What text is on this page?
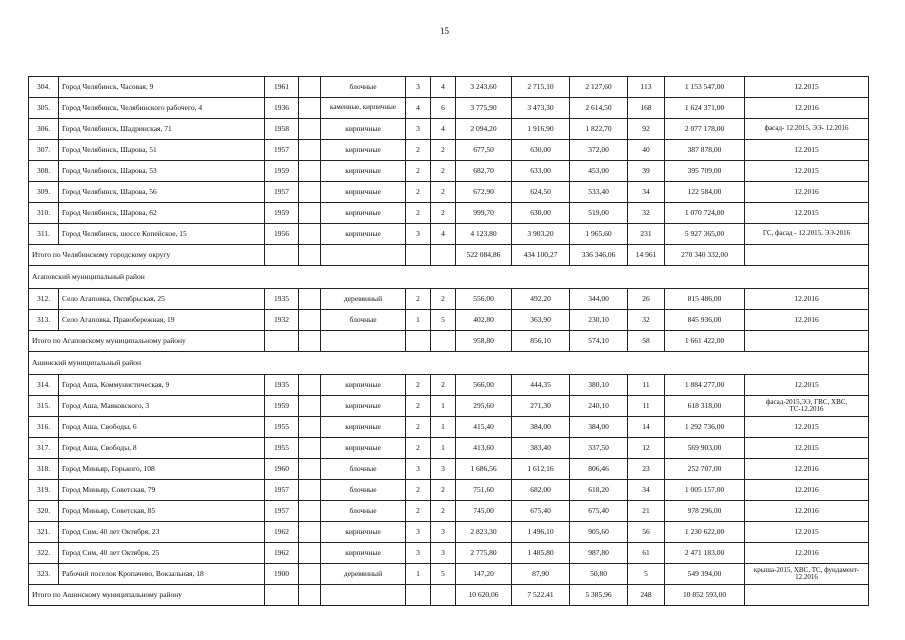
15
304.	Город Челябинск, Часовая, 9	1961		блочные	3	4	3 243,60	2 715,10	2 127,60	113	1 153 547,00	12.2015
305.	Город Челябинск, Челябинского рабочего, 4	1936		каменные, кирпичные	4	6	3 775,90	3 473,30	2 614,50	168	1 624 371,00	12.2016
306.	Город Челябинск, Шадринская, 71	1958		кирпичные	3	4	2 094,20	1 916,90	1 822,70	92	2 077 178,00	фасад- 12.2015, ЭЭ- 12.2016
307.	Город Челябинск, Шарова, 51	1957		кирпичные	2	2	677,50	630,00	372,00	40	387 878,00	12.2015
308.	Город Челябинск, Шарова, 53	1959		кирпичные	2	2	682,70	633,00	453,00	39	395 709,00	12.2015
309.	Город Челябинск, Шарова, 56	1957		кирпичные	2	2	672,90	624,50	533,40	34	122 584,00	12.2016
310.	Город Челябинск, Шарова, 62	1959		кирпичные	2	2	999,70	630,00	519,00	32	1 070 724,00	12.2015
311.	Город Челябинск, шоссе Копейское, 15	1956		кирпичные	3	4	4 123,80	3 903,20	1 965,60	231	5 927 365,00	ГС, фасад - 12.2015, ЭЭ-2016
Итого по Челябинскому городскому округу							522 084,86	434 100,27	336 346,06	14 961	270 340 332,00	
Агаповский муниципальный район												
312.	Село Агаповка, Октябрьская, 25	1935		деревянный	2	2	556,00	492,20	344,00	26	815 486,00	12.2016
313.	Село Агаповка, Правобережная, 19	1932		блочные	1	5	402,80	363,90	230,10	32	845 936,00	12.2016
Итого по Агаповскому муниципальному району							958,80	856,10	574,10	58	1 661 422,00	
Ашинский муниципальный район												
314.	Город Аша, Коммунистическая, 9	1935		кирпичные	2	2	566,00	444,35	380,10	11	1 884 277,00	12.2015
315.	Город Аша, Маяковского, 3	1959		кирпичные	2	1	295,60	271,30	240,10	11	618 318,00	фасад-2015,ЭЭ, ГВС, ХВС, ТС-12.2016
316.	Город Аша, Свободы, 6	1955		кирпичные	2	1	415,40	384,00	384,00	14	1 292 736,00	12.2015
317.	Город Аша, Свободы, 8	1955		кирпичные	2	1	413,60	383,40	337,50	12	569 903,00	12.2015
318.	Город Миньяр, Горького, 108	1960		блочные	3	3	1 686,56	1 612,16	806,46	23	252 707,00	12.2016
319.	Город Миньяр, Советская, 79	1957		блочные	2	2	751,60	682,00	618,20	34	1 005 157,00	12.2016
320.	Город Миньяр, Советская, 85	1957		блочные	2	2	745,00	675,40	675,40	21	978 296,00	12.2016
321.	Город Сим, 40 лет Октября, 23	1962		кирпичные	3	3	2 823,30	1 496,10	905,60	56	1 230 622,00	12.2015
322.	Город Сим, 40 лет Октября, 25	1962		кирпичные	3	3	2 775,80	1 485,80	987,80	61	2 471 183,00	12.2016
323.	Рабочий поселок Кропачево, Вокзальная, 18	1900		деревянный	1	5	147,20	87,90	50,80	5	549 394,00	крыша-2015, ХВС, ТС, фундамент- 12.2016
Итого по Ашинскому муниципальному району							10 620,06	7 522,41	5 385,96	248	10 852 593,00	
